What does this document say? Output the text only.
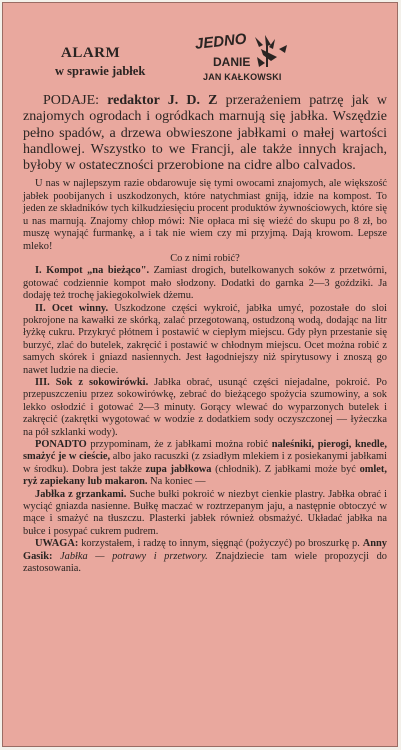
ALARM
w sprawie jabłek
JEDNO
DANIE
JAN KAŁKOWSKI

PODAJE: redaktor J. D. Z przerażeniem patrzę jak w znajomych ogrodach i ogródkach marnują się jabłka. Wszędzie pełno spadów, a drzewa obwieszone jabłkami o małej wartości handlowej. Wszystko to we Francji, ale także innych krajach, byłoby w ostateczności przerobione na cidre albo calvados.

U nas w najlepszym razie obdarowuje się tymi owocami znajomych, ale większość jabłek poobijanych i uszkodzonych, które natychmiast gniją, idzie na kompost. To jeden ze składników tych kilkudziesięciu procent produktów żywnościowych, które się u nas marnują. Znajomy chłop mówi: Nie opłaca mi się wieźć do skupu po 8 zł, bo muszę wynająć furmankę, a i tak nie wiem czy mi przyjmą. Dają krowom. Lepsze mleko!

Co z nimi robić?

I. Kompot „na bieżąco". Zamiast drogich, butelkowanych soków z przetwórni, gotować codziennie kompot mało słodzony. Dodatki do garnka 2—3 goździki. Ja dodaję też trochę jakiegokolwiek dżemu.

II. Ocet winny. Uszkodzone części wykroić, jabłka umyć, pozostałe do sloi pokrojone na kawałki ze skórką, zalać przegotowaną, ostudzoną wodą, dodając na litr łyżkę cukru. Przykryć płótnem i postawić w ciepłym miejscu. Gdy płyn przestanie się burzyć, zlać do butelek, zakręcić i postawić w chłodnym miejscu. Ocet można robić z samych skórek i gniazd nasiennych. Jest łagodniejszy niż spirytusowy i znoszą go nawet ludzie na diecie.

III. Sok z sokowirówki. Jabłka obrać, usunąć części niejadalne, pokroić. Po przepuszczeniu przez sokowirówkę, zebrać do bieżącego spożycia szumowiny, a sok lekko osłodzić i gotować 2—3 minuty. Gorący wlewać do wyparzonych butelek i zakręcić (zakrętki wygotować w wodzie z dodatkiem sody oczyszczonej — łyżeczka na pół szklanki wody).

PONADTO przypominam, że z jabłkami można robić naleśniki, pierogi, knedle, smażyć je w cieście, albo jako racuszki (z zsiadłym mlekiem i z posiekanymi jabłkami w środku). Dobra jest także zupa jabłkowa (chłodnik). Z jabłkami może być omlet, ryż zapiekany lub makaron. Na koniec —

Jabłka z grzankami. Suche bułki pokroić w niezbyt cienkie plastry. Jabłka obrać i wyciąć gniazda nasienne. Bułkę maczać w roztrzepanym jaju, a następnie obtoczyć w mące i smażyć na tłuszczu. Plasterki jabłek również obsmażyć. Układać jabłka na bułce i posypać cukrem pudrem.

UWAGA: korzystałem, i radzę to innym, sięgnąć (pożyczyć) po broszurkę p. Anny Gasik: Jabłka — potrawy i przetwory. Znajdziecie tam wiele propozycji do zastosowania.
